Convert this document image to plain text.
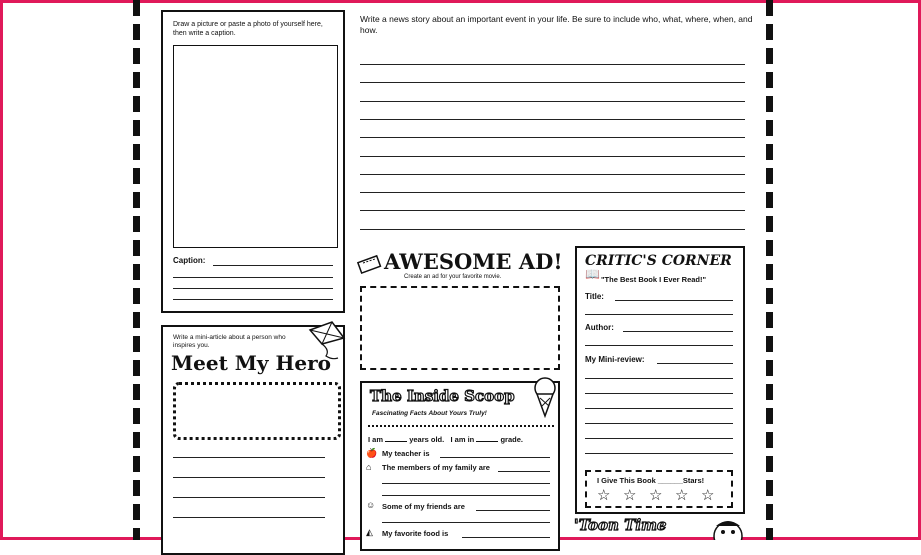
Draw a picture or paste a photo of yourself here, then write a caption.
Caption:
Write a news story about an important event in your life. Be sure to include who, what, where, when, and how.
Write a mini-article about a person who inspires you.
Meet My Hero
AWESOME AD!
Create an ad for your favorite movie.
The Inside Scoop
Fascinating Facts About Yours Truly!
I am	years old. I am in	grade.
🍎 My teacher is
⌂ The members of my family are
☺ Some of my friends are
◭ My favorite food is
CRITIC'S CORNER
📖 "The Best Book I Ever Read!"
Title:
Author:
My Mini-review:
I Give This Book ______Stars!
☆ ☆ ☆ ☆ ☆
'Toon Time
